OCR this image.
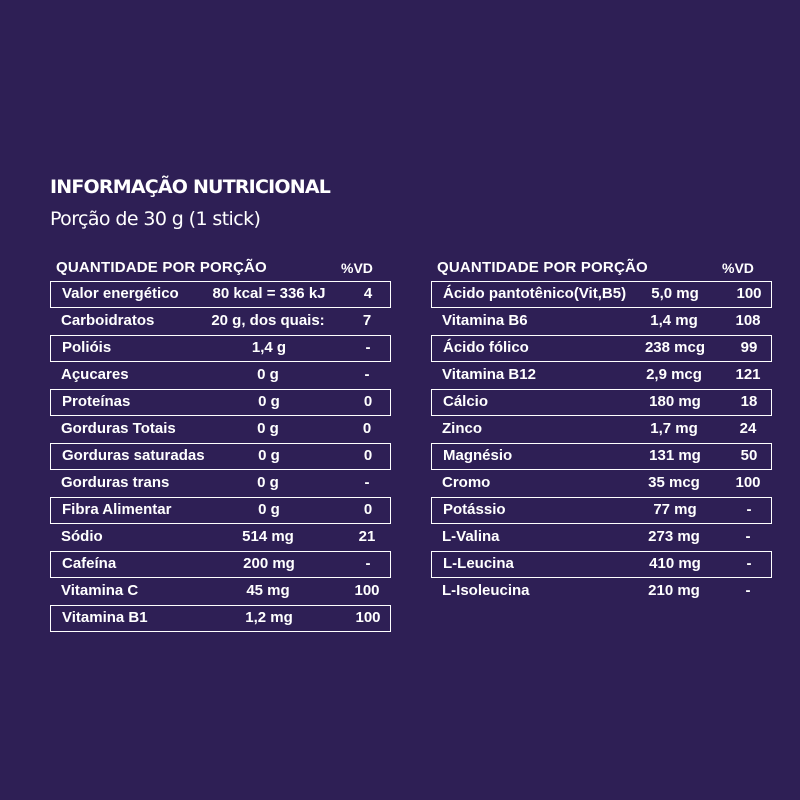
INFORMAÇÃO NUTRICIONAL

Porção de 30 g (1 stick)

QUANTIDADE POR PORÇÃO	%VD
Valor energético	80 kcal = 336 kJ	4
Carboidratos	20 g, dos quais:	7
Polióis	1,4 g	-
Açucares	0 g	-
Proteínas	0 g	0
Gorduras Totais	0 g	0
Gorduras saturadas	0 g	0
Gorduras trans	0 g	-
Fibra Alimentar	0 g	0
Sódio	514 mg	21
Cafeína	200 mg	-
Vitamina C	45 mg	100
Vitamina B1	1,2 mg	100
QUANTIDADE POR PORÇÃO	%VD
Ácido pantotênico(Vit,B5)	5,0 mg	100
Vitamina B6	1,4 mg	108
Ácido fólico	238 mcg	99
Vitamina B12	2,9 mcg	121
Cálcio	180 mg	18
Zinco	1,7 mg	24
Magnésio	131 mg	50
Cromo	35 mcg	100
Potássio	77 mg	-
L-Valina	273 mg	-
L-Leucina	410 mg	-
L-Isoleucina	210 mg	-
